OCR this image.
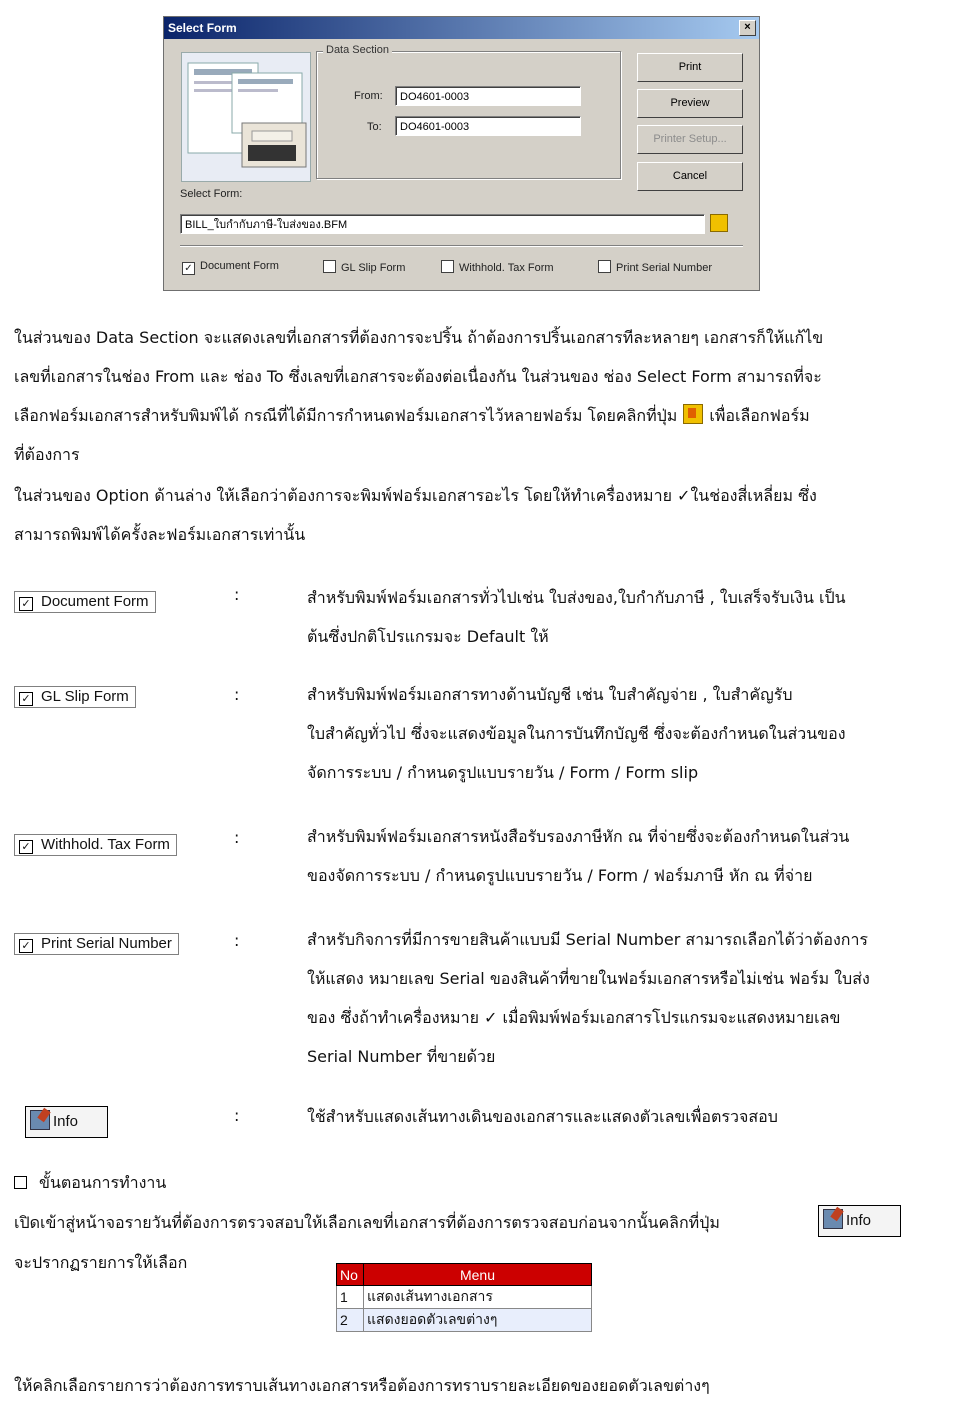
Select Form	×
Data Section
From:	DO4601-0003
To:	DO4601-0003
Print
Preview
Printer Setup...
Cancel
Select Form:
BILL_ใบกำกับภาษี-ใบส่งของ.BFM
✓ Document Form	GL Slip Form	Withhold. Tax Form	Print Serial Number
ในส่วนของ Data Section จะแสดงเลขที่เอกสารที่ต้องการจะปริ้น ถ้าต้องการปริ้นเอกสารทีละหลายๆ เอกสารก็ให้แก้ไข
เลขที่เอกสารในช่อง From และ ช่อง To ซึ่งเลขที่เอกสารจะต้องต่อเนื่องกัน ในส่วนของ ช่อง Select Form สามารถที่จะ
เลือกฟอร์มเอกสารสำหรับพิมพ์ได้ กรณีที่ได้มีการกำหนดฟอร์มเอกสารไว้หลายฟอร์ม โดยคลิกที่ปุ่ม เพื่อเลือกฟอร์ม
ที่ต้องการ
ในส่วนของ Option ด้านล่าง ให้เลือกว่าต้องการจะพิมพ์ฟอร์มเอกสารอะไร โดยให้ทำเครื่องหมาย ✓ในช่องสี่เหลี่ยม ซึ่ง
สามารถพิมพ์ได้ครั้งละฟอร์มเอกสารเท่านั้น
✓ Document Form	:	สำหรับพิมพ์ฟอร์มเอกสารทั่วไปเช่น ใบส่งของ,ใบกำกับภาษี , ใบเสร็จรับเงิน เป็น
ต้นซึ่งปกติโปรแกรมจะ Default ให้
✓ GL Slip Form	:	สำหรับพิมพ์ฟอร์มเอกสารทางด้านบัญชี เช่น ใบสำคัญจ่าย , ใบสำคัญรับ
ใบสำคัญทั่วไป ซึ่งจะแสดงข้อมูลในการบันทึกบัญชี ซึ่งจะต้องกำหนดในส่วนของ
จัดการระบบ / กำหนดรูปแบบรายวัน / Form / Form slip
✓ Withhold. Tax Form	:	สำหรับพิมพ์ฟอร์มเอกสารหนังสือรับรองภาษีหัก ณ ที่จ่ายซึ่งจะต้องกำหนดในส่วน
ของจัดการระบบ / กำหนดรูปแบบรายวัน / Form / ฟอร์มภาษี หัก ณ ที่จ่าย
✓ Print Serial Number	:	สำหรับกิจการที่มีการขายสินค้าแบบมี Serial Number สามารถเลือกได้ว่าต้องการ
ให้แสดง หมายเลข Serial ของสินค้าที่ขายในฟอร์มเอกสารหรือไม่เช่น ฟอร์ม ใบส่ง
ของ ซึ่งถ้าทำเครื่องหมาย ✓ เมื่อพิมพ์ฟอร์มเอกสารโปรแกรมจะแสดงหมายเลข
Serial Number ที่ขายด้วย
Info	:	ใช้สำหรับแสดงเส้นทางเดินของเอกสารและแสดงตัวเลขเพื่อตรวจสอบ
ขั้นตอนการทำงาน
เปิดเข้าสู่หน้าจอรายวันที่ต้องการตรวจสอบให้เลือกเลขที่เอกสารที่ต้องการตรวจสอบก่อนจากนั้นคลิกที่ปุ่ม	Info
จะปรากฏรายการให้เลือก
No	Menu
1	แสดงเส้นทางเอกสาร
2	แสดงยอดตัวเลขต่างๆ
ให้คลิกเลือกรายการว่าต้องการทราบเส้นทางเอกสารหรือต้องการทราบรายละเอียดของยอดตัวเลขต่างๆ
